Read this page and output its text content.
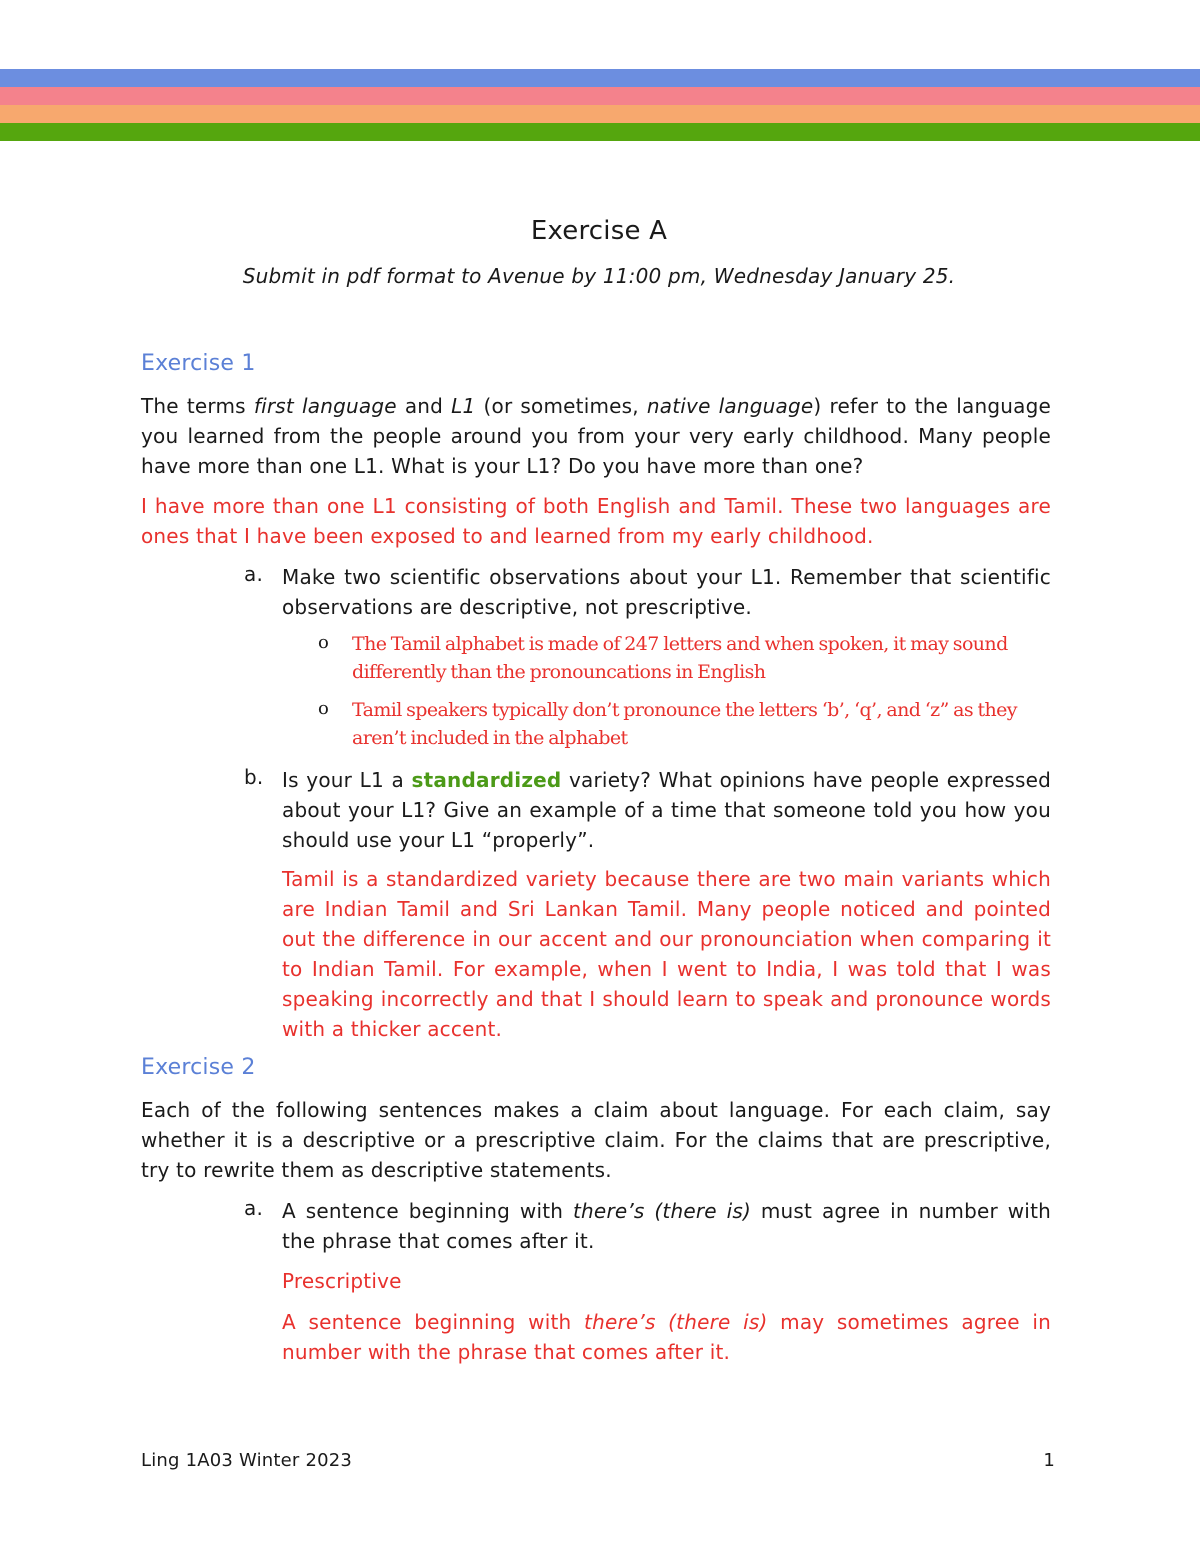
Exercise A
Submit in pdf format to Avenue by 11:00 pm, Wednesday January 25.
Exercise 1

The terms first language and L1 (or sometimes, native language) refer to the language you learned from the people around you from your very early childhood. Many people have more than one L1. What is your L1? Do you have more than one?

I have more than one L1 consisting of both English and Tamil. These two languages are ones that I have been exposed to and learned from my early childhood.

a. Make two scientific observations about your L1. Remember that scientific observations are descriptive, not prescriptive.

o The Tamil alphabet is made of 247 letters and when spoken, it may sound differently than the pronouncations in English

o Tamil speakers typically don’t pronounce the letters ‘b’, ‘q’, and ‘z” as they aren’t included in the alphabet

b. Is your L1 a standardized variety? What opinions have people expressed about your L1? Give an example of a time that someone told you how you should use your L1 “properly”.

Tamil is a standardized variety because there are two main variants which are Indian Tamil and Sri Lankan Tamil. Many people noticed and pointed out the difference in our accent and our pronounciation when comparing it to Indian Tamil. For example, when I went to India, I was told that I was speaking incorrectly and that I should learn to speak and pronounce words with a thicker accent.

Exercise 2

Each of the following sentences makes a claim about language. For each claim, say whether it is a descriptive or a prescriptive claim. For the claims that are prescriptive, try to rewrite them as descriptive statements.

a. A sentence beginning with there’s (there is) must agree in number with the phrase that comes after it.

Prescriptive

A sentence beginning with there’s (there is) may sometimes agree in number with the phrase that comes after it.

Ling 1A03 Winter 2023	1
